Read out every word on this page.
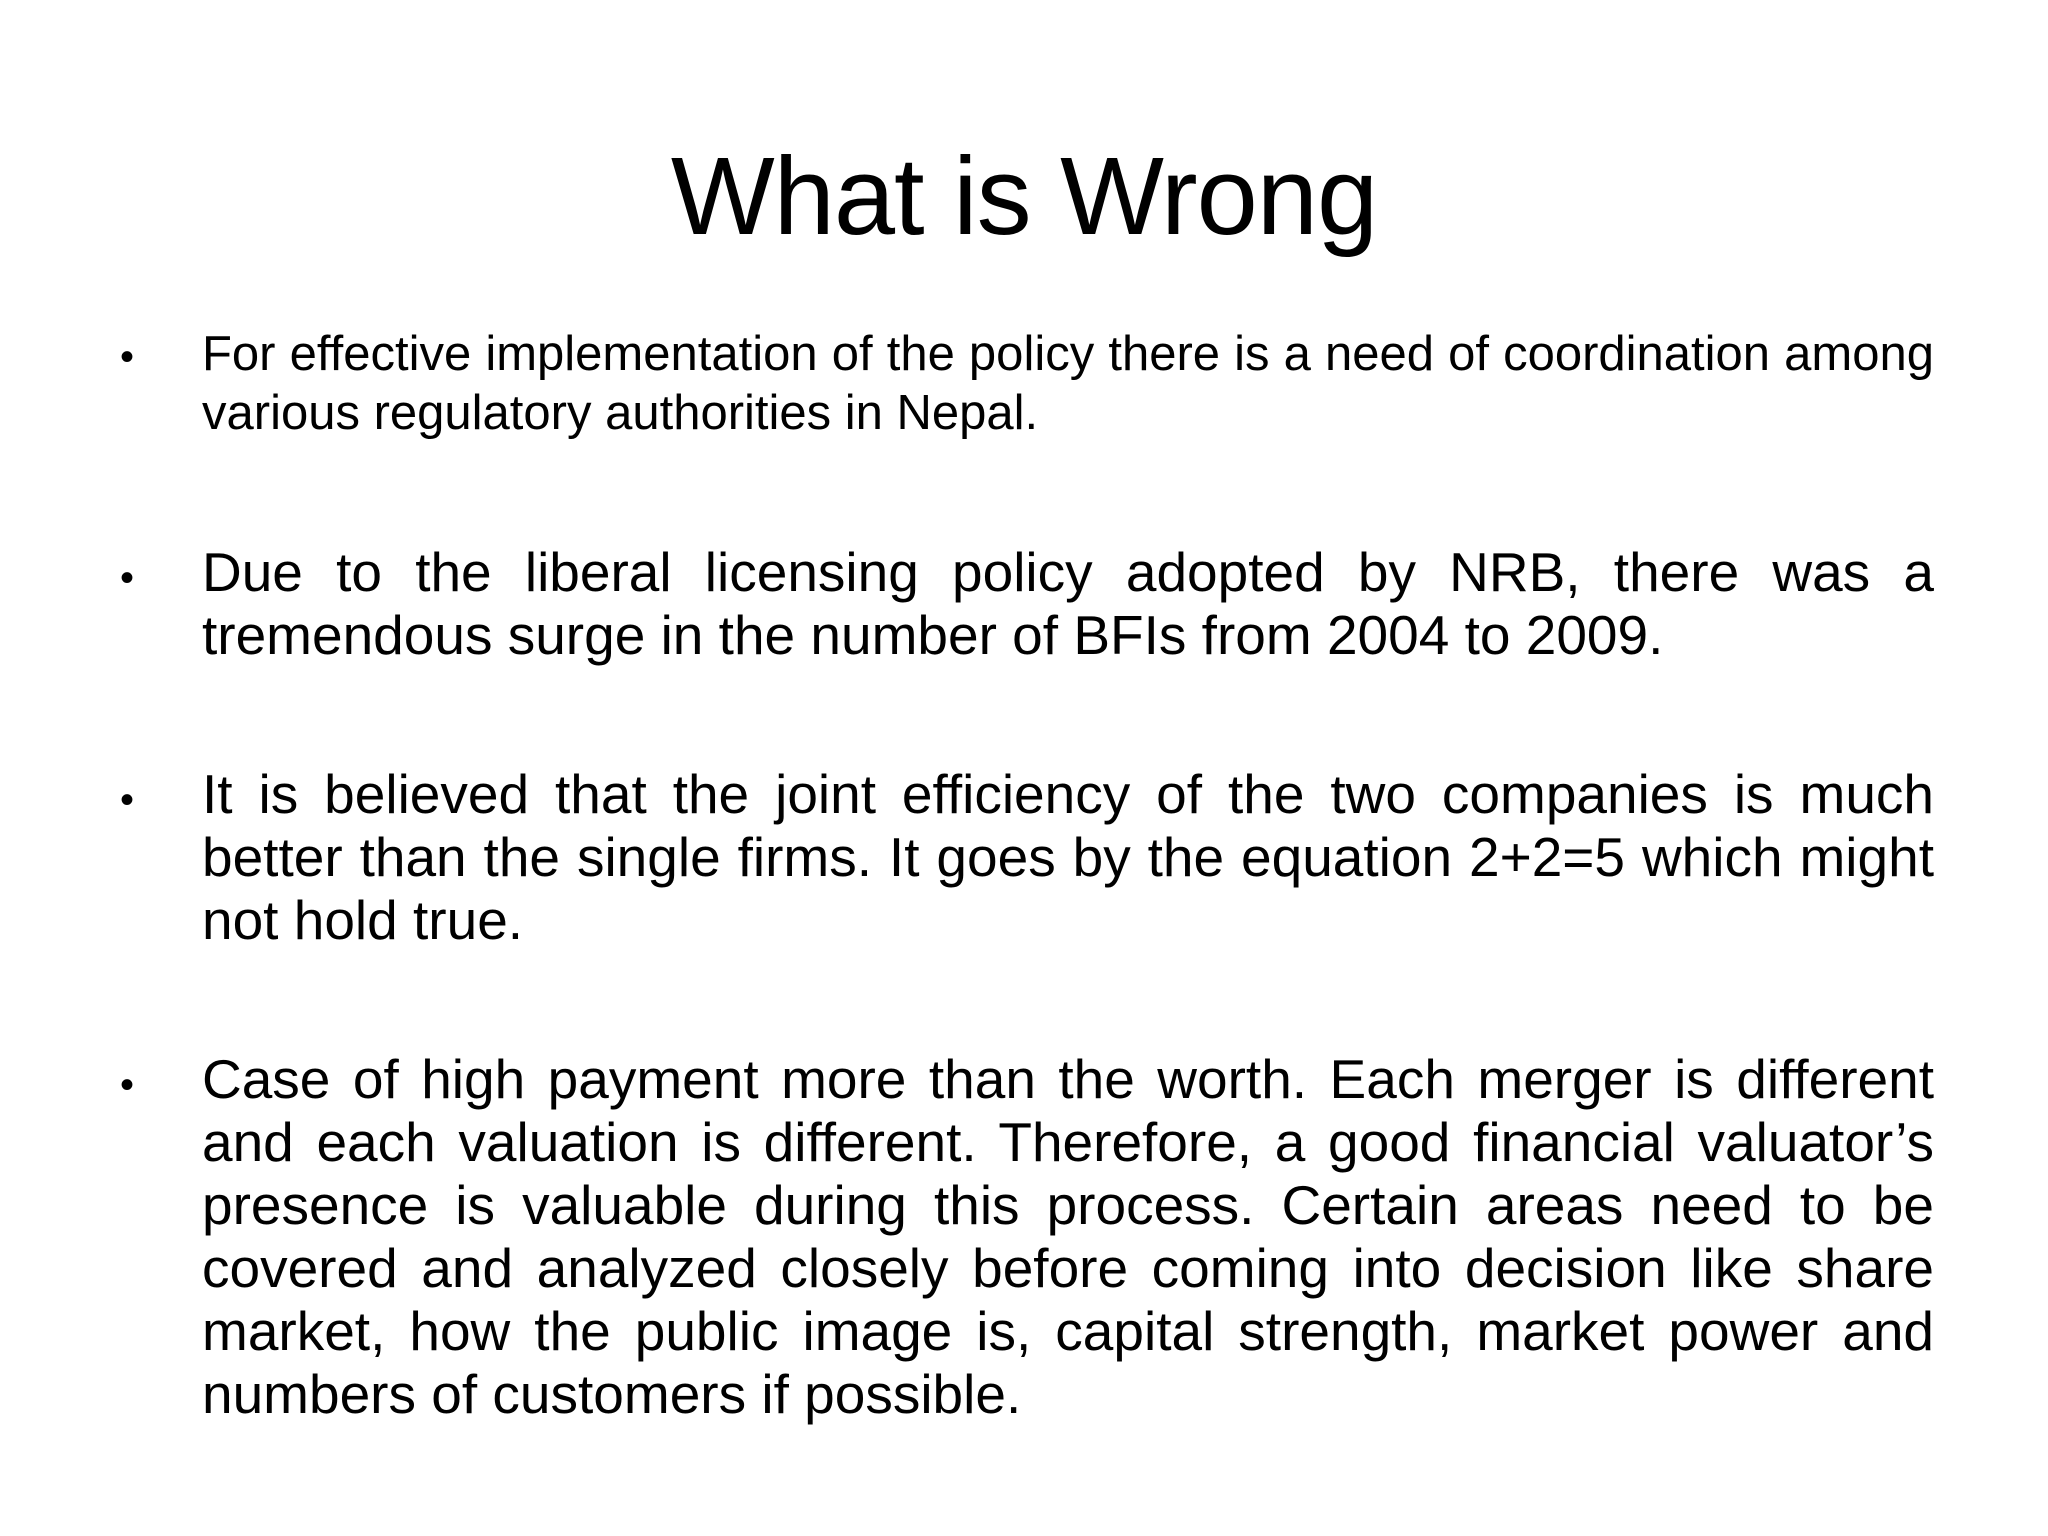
What is Wrong
• For effective implementation of the policy there is a need of coordination among various regulatory authorities in Nepal.
• Due to the liberal licensing policy adopted by NRB, there was a tremendous surge in the number of BFIs from 2004 to 2009.
• It is believed that the joint efficiency of the two companies is much better than the single firms. It goes by the equation 2+2=5 which might not hold true.
• Case of high payment more than the worth. Each merger is different and each valuation is different. Therefore, a good financial valuator’s presence is valuable during this process. Certain areas need to be covered and analyzed closely before coming into decision like share market, how the public image is, capital strength, market power and numbers of customers if possible.
